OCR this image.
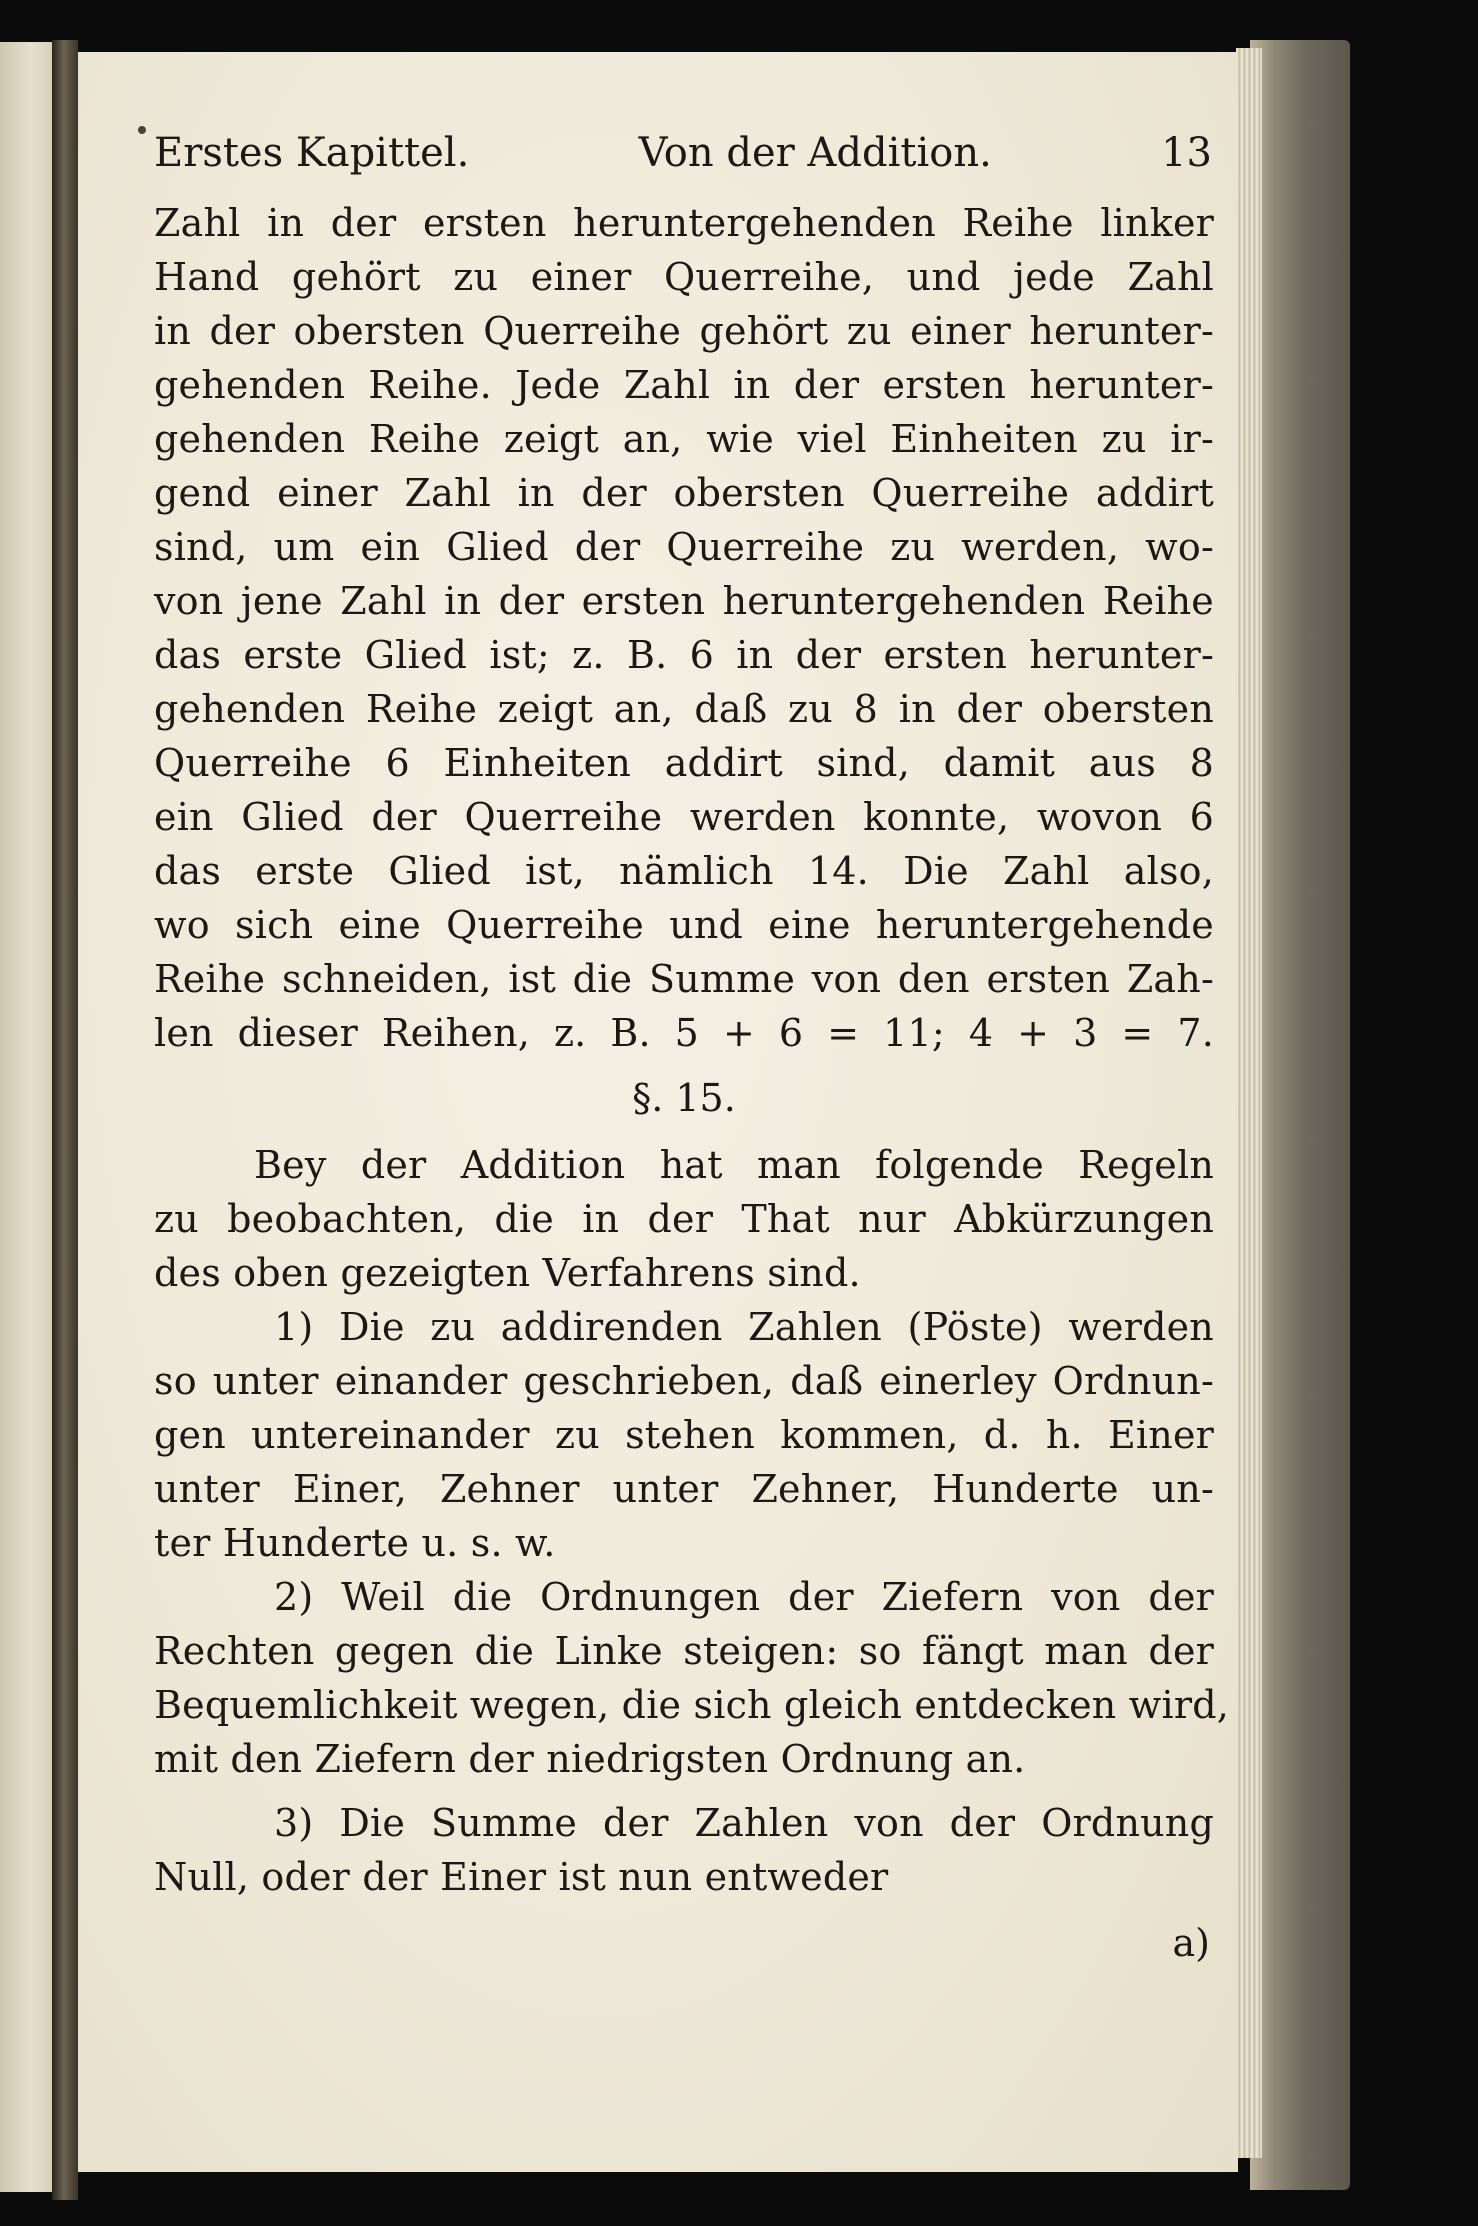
Erstes Kapittel.	Von der Addition.	13
Zahl in der ersten heruntergehenden Reihe linker
Hand gehört zu einer Querreihe, und jede Zahl
in der obersten Querreihe gehört zu einer herunter-
gehenden Reihe. Jede Zahl in der ersten herunter-
gehenden Reihe zeigt an, wie viel Einheiten zu ir-
gend einer Zahl in der obersten Querreihe addirt
sind, um ein Glied der Querreihe zu werden, wo-
von jene Zahl in der ersten heruntergehenden Reihe
das erste Glied ist; z. B. 6 in der ersten herunter-
gehenden Reihe zeigt an, daß zu 8 in der obersten
Querreihe 6 Einheiten addirt sind, damit aus 8
ein Glied der Querreihe werden konnte, wovon 6
das erste Glied ist, nämlich 14. Die Zahl also,
wo sich eine Querreihe und eine heruntergehende
Reihe schneiden, ist die Summe von den ersten Zah-
len dieser Reihen, z. B. 5 + 6 = 11; 4 + 3 = 7.
§. 15.
Bey der Addition hat man folgende Regeln
zu beobachten, die in der That nur Abkürzungen
des oben gezeigten Verfahrens sind.
1) Die zu addirenden Zahlen (Pöste) werden
so unter einander geschrieben, daß einerley Ordnun-
gen untereinander zu stehen kommen, d. h. Einer
unter Einer, Zehner unter Zehner, Hunderte un-
ter Hunderte u. s. w.
2) Weil die Ordnungen der Ziefern von der
Rechten gegen die Linke steigen: so fängt man der
Bequemlichkeit wegen, die sich gleich entdecken wird,
mit den Ziefern der niedrigsten Ordnung an.
3) Die Summe der Zahlen von der Ordnung
Null, oder der Einer ist nun entweder
a)
